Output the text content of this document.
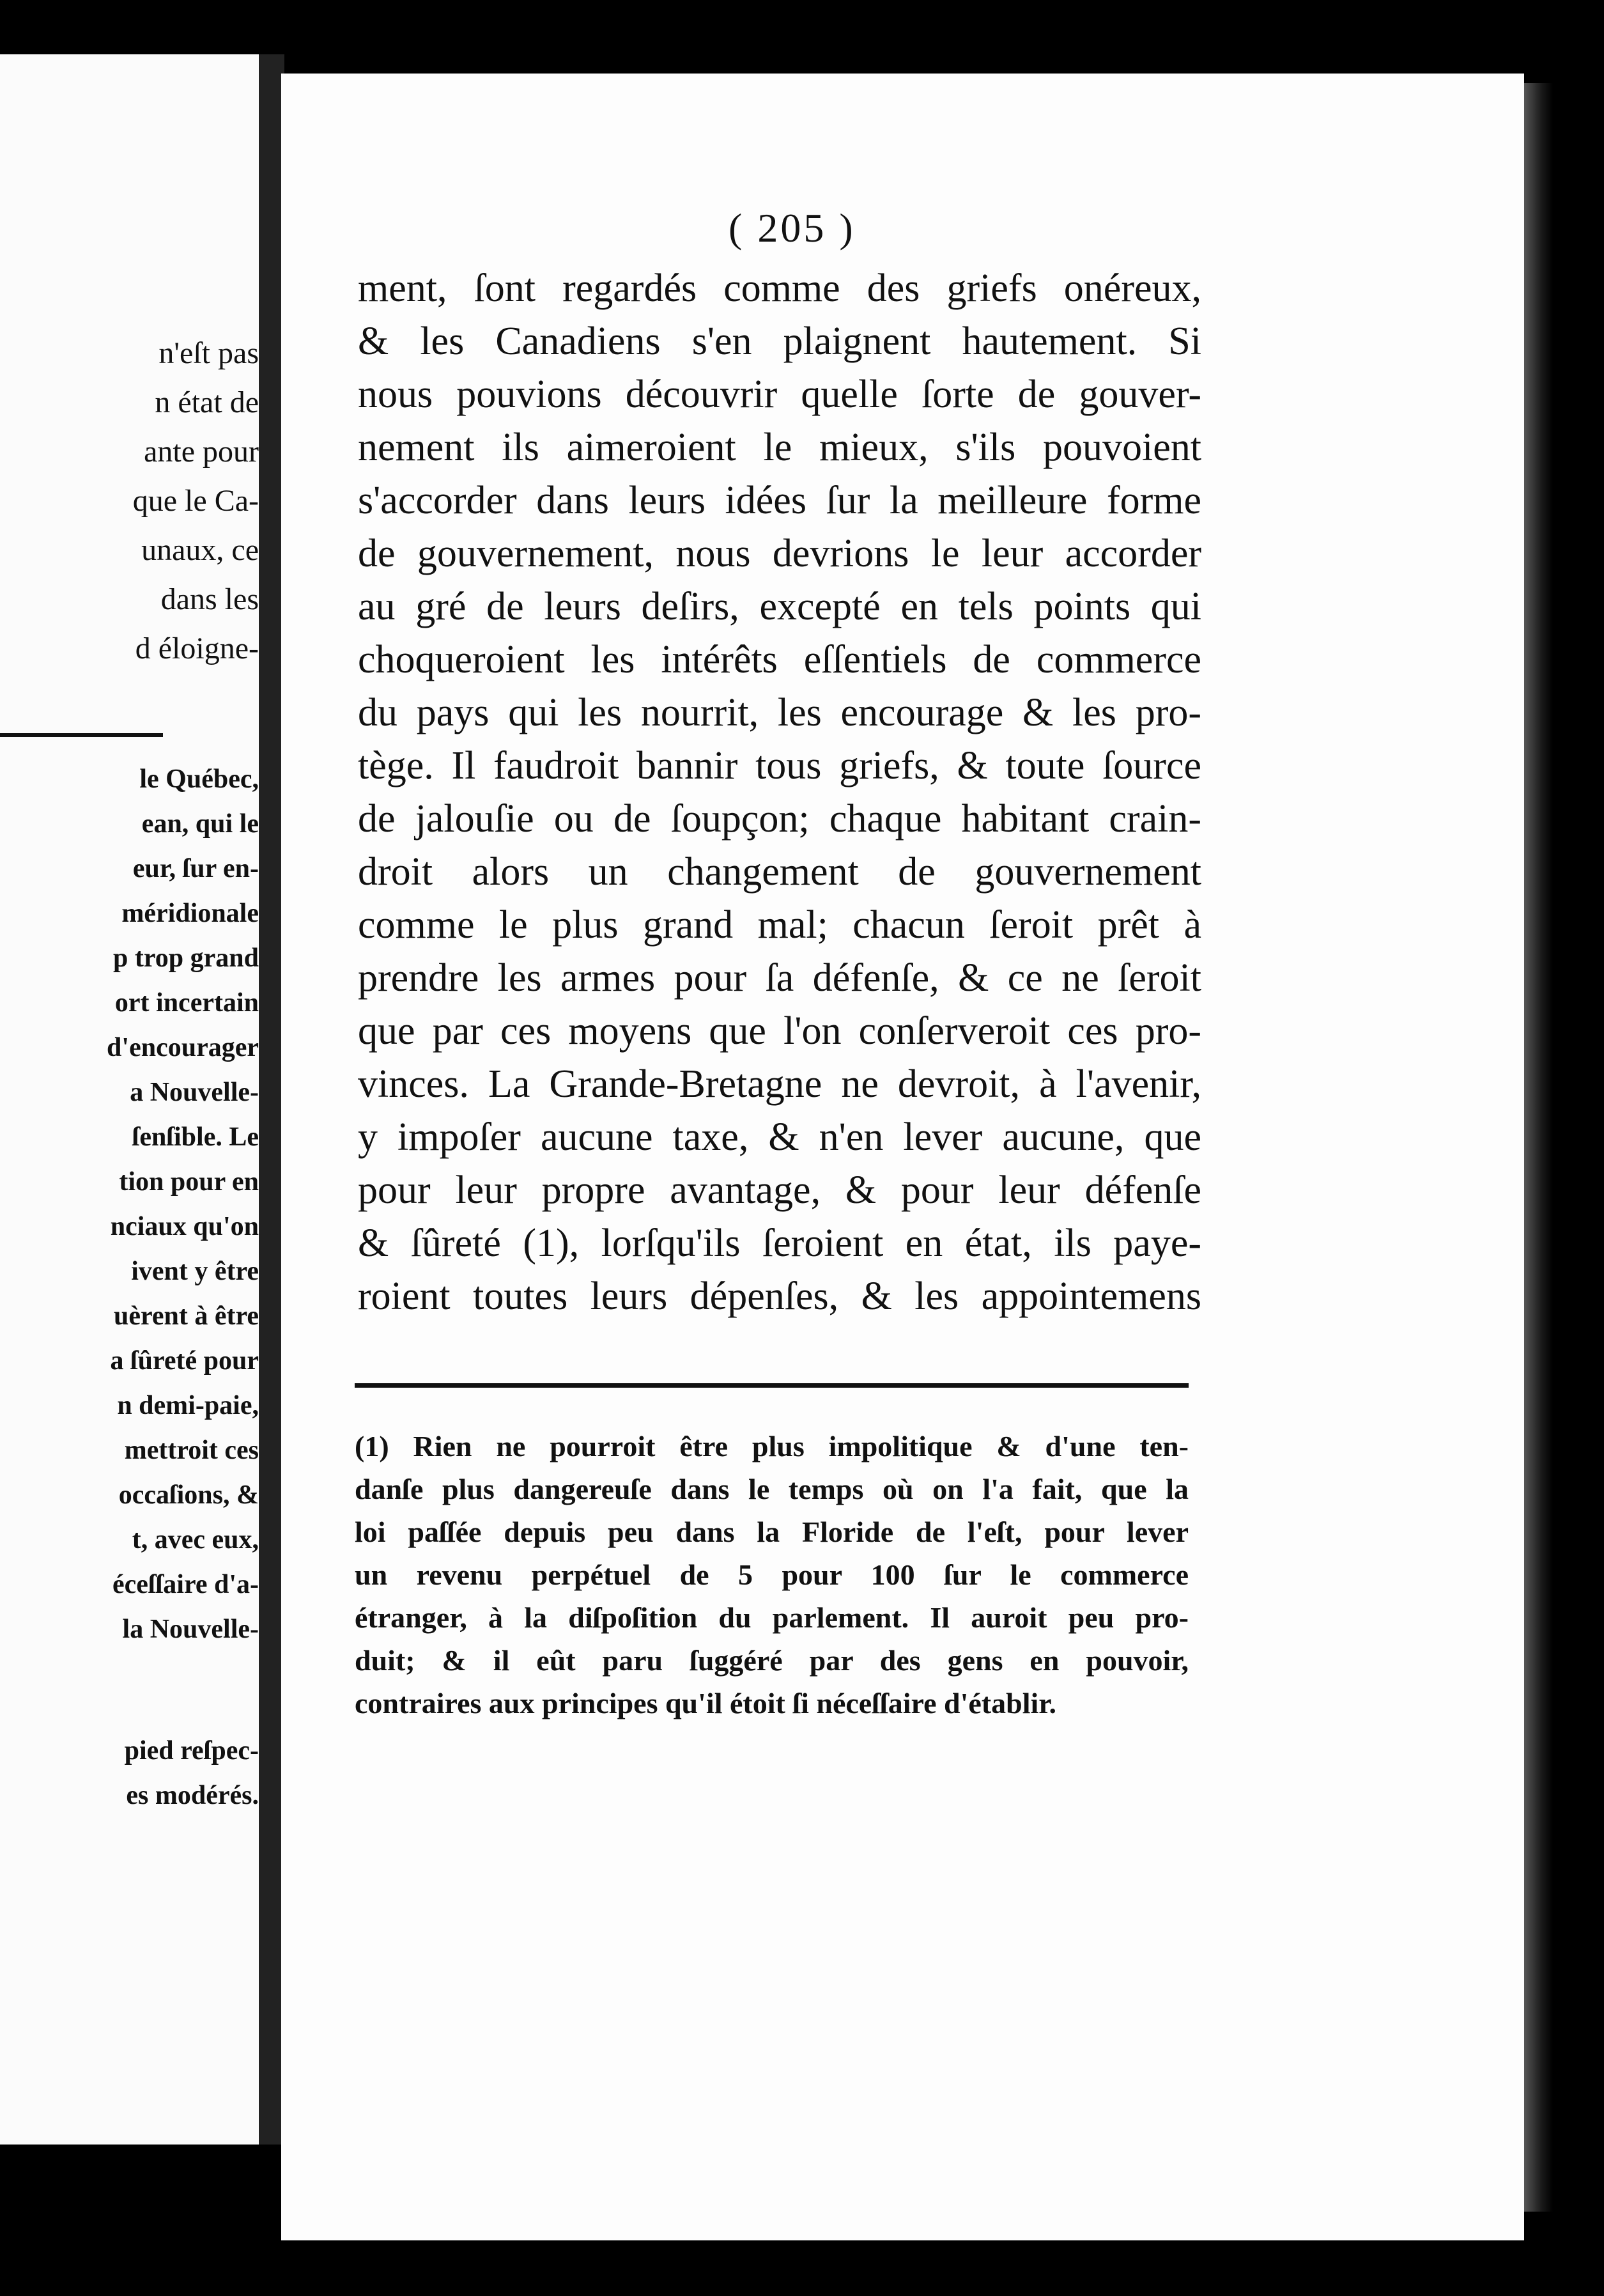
n'eſt pas
n état de
ante pour
que le Ca-
unaux, ce
dans les
d éloigne-
le Québec,
ean, qui le
eur, ſur en-
méridionale
p trop grand
ort incertain
d'encourager
a Nouvelle-
ſenſible. Le
tion pour en
nciaux qu'on
ivent y être
uèrent à être
a ſûreté pour
n demi-paie,
mettroit ces
occaſions, &
t, avec eux,
éceſſaire d'a-
la Nouvelle-
pied reſpec-
es modérés.
( 205 )
ment, ſont regardés comme des griefs onéreux,
& les Canadiens s'en plaignent hautement. Si
nous pouvions découvrir quelle ſorte de gouver-
nement ils aimeroient le mieux, s'ils pouvoient
s'accorder dans leurs idées ſur la meilleure forme
de gouvernement, nous devrions le leur accorder
au gré de leurs deſirs, excepté en tels points qui
choqueroient les intérêts eſſentiels de commerce
du pays qui les nourrit, les encourage & les pro-
tège. Il faudroit bannir tous griefs, & toute ſource
de jalouſie ou de ſoupçon; chaque habitant crain-
droit alors un changement de gouvernement
comme le plus grand mal; chacun ſeroit prêt à
prendre les armes pour ſa défenſe, & ce ne ſeroit
que par ces moyens que l'on conſerveroit ces pro-
vinces. La Grande-Bretagne ne devroit, à l'avenir,
y impoſer aucune taxe, & n'en lever aucune, que
pour leur propre avantage, & pour leur défenſe
& ſûreté (1), lorſqu'ils ſeroient en état, ils paye-
roient toutes leurs dépenſes, & les appointemens
(1) Rien ne pourroit être plus impolitique & d'une ten-
danſe plus dangereuſe dans le temps où on l'a fait, que la
loi paſſée depuis peu dans la Floride de l'eſt, pour lever
un revenu perpétuel de 5 pour 100 ſur le commerce
étranger, à la diſpoſition du parlement. Il auroit peu pro-
duit; & il eût paru ſuggéré par des gens en pouvoir,
contraires aux principes qu'il étoit ſi néceſſaire d'établir.
